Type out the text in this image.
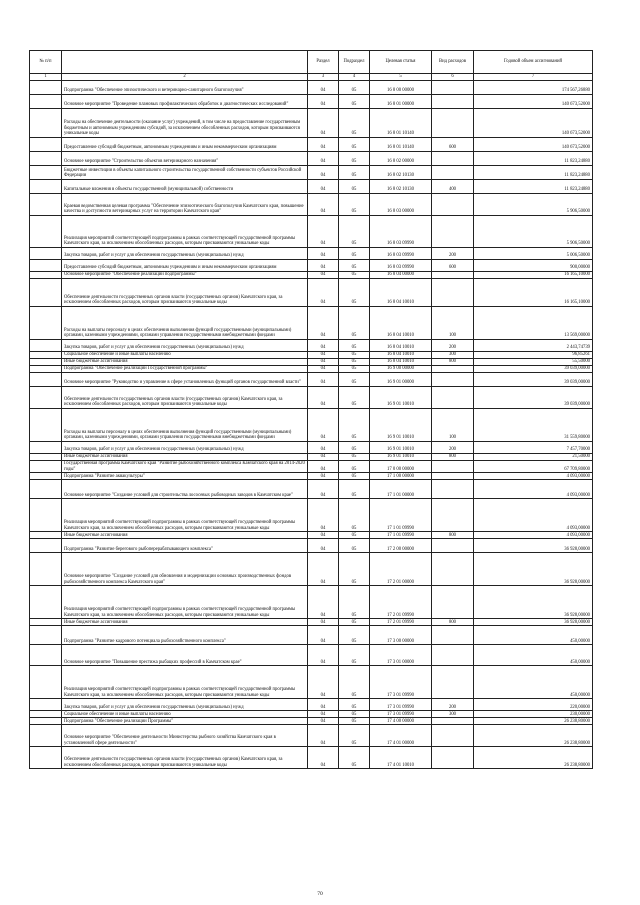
№ п/п		Раздел	Подраздел	Целевая статья	Вид расходов	Годовой объем ассигнований
1	2	3	4	5	6	7
	Подпрограмма "Обеспечение эпизоотического и ветеринарно-санитарного благополучия"	04	05	16 8 00 00000		174 567,26880
	Основное мероприятие "Проведение плановых профилактических обработок и диагностических исследований"	04	05	16 8 01 00000		140 673,52000
	Расходы на обеспечение деятельности (оказание услуг) учреждений, в том числе на предоставление государственным бюджетным и автономным учреждениям субсидий, за исключением обособленных расходов, которым присваиваются уникальные коды	04	05	16 8 01 10140		140 673,52000
	Предоставление субсидий бюджетным, автономным учреждениям и иным некоммерческим организациям	04	05	16 8 01 10140	600	140 673,52000
	Основное мероприятие "Строительство объектов ветеринарного назначения"	04	05	16 8 02 00000		11 823,24880
	Бюджетные инвестиции в объекты капитального строительства государственной собственности субъектов Российской Федерации	04	05	16 8 02 10130		11 823,24880
	Капитальные вложения в объекты государственной (муниципальной) собственности	04	05	16 8 02 10130	400	11 823,24880
	Краевая ведомственная целевая программа "Обеспечение эпизоотического благополучия Камчатского края, повышение качества и доступности ветеринарных услуг на территории Камчатского края"	04	05	16 8 03 00000		5 906,50000
	Реализация мероприятий соответствующей подпрограммы в рамках соответствующей государственной программы Камчатского края, за исключением обособленных расходов, которым присваиваются уникальные коды	04	05	16 8 03 09990		5 906,50000
	Закупка товаров, работ и услуг для обеспечения государственных (муниципальных) нужд	04	05	16 8 03 09990	200	5 006,50000
	Предоставление субсидий бюджетным, автономным учреждениям и иным некоммерческим организациям	04	05	16 8 03 09990	600	900,00000
	Основное мероприятие "Обеспечение реализации подпрограммы"	04	05	16 8 04 00000		16 165,10000
	Обеспечение деятельности государственных органов власти (государственных органов) Камчатского края, за исключением обособленных расходов, которым присваиваются уникальные коды	04	05	16 8 04 10010		16 165,10000
	Расходы на выплаты персоналу в целях обеспечения выполнения функций государственными (муниципальными) органами, казенными учреждениями, органами управления государственными внебюджетными фондами	04	05	16 8 04 10010	100	13 569,00000
	Закупка товаров, работ и услуг для обеспечения государственных (муниципальных) нужд	04	05	16 8 04 10010	200	2 443,74739
	Социальное обеспечение и иные выплаты населению	04	05	16 8 04 10010	300	96,85261
	Иные бюджетные ассигнования	04	05	16 8 04 10010	800	55,50000
	Подпрограмма "Обеспечение реализации Государственной программы"	04	05	16 9 00 00000		39 039,00000
	Основное мероприятие "Руководство и управление в сфере установленных функций органов государственной власти"	04	05	16 9 01 00000		39 039,00000
	Обеспечение деятельности государственных органов власти (государственных органов) Камчатского края, за исключением обособленных расходов, которым присваиваются уникальные коды	04	05	16 9 01 10010		39 039,00000
	Расходы на выплаты персоналу в целях обеспечения выполнения функций государственными (муниципальными) органами, казенными учреждениями, органами управления государственными внебюджетными фондами	04	05	16 9 01 10010	100	31 559,80000
	Закупка товаров, работ и услуг для обеспечения государственных (муниципальных) нужд	04	05	16 9 01 10010	200	7 457,70000
	Иные бюджетные ассигнования	04	05	16 9 01 10010	800	21,50000
	Государственная программа Камчатского края "Развитие рыбохозяйственного комплекса Камчатского края на 2014-2020 годы"	04	05	17 0 00 00000		67 709,80000
	Подпрограмма "Развитие аквакультуры"	04	05	17 1 00 00000		4 093,00000
	Основное мероприятие "Создание условий для строительства лососевых рыбоводных заводов в Камчатском крае"	04	05	17 1 01 00000		4 093,00000
	Реализация мероприятий соответствующей подпрограммы в рамках соответствующей государственной программы Камчатского края, за исключением обособленных расходов, которым присваиваются уникальные коды	04	05	17 1 01 09990		4 093,00000
	Иные бюджетные ассигнования	04	05	17 1 01 09990	800	4 093,00000
	Подпрограмма "Развитие берегового рыбоперерабатывающего комплекса"	04	05	17 2 00 00000		36 928,00000
	Основное мероприятие "Создание условий для обновления и модернизации основных производственных фондов рыбохозяйственного комплекса Камчатского края"	04	05	17 2 01 00000		36 928,00000
	Реализация мероприятий соответствующей подпрограммы в рамках соответствующей государственной программы Камчатского края, за исключением обособленных расходов, которым присваиваются уникальные коды	04	05	17 2 01 09990		36 928,00000
	Иные бюджетные ассигнования	04	05	17 2 01 09990	800	36 928,00000
	Подпрограмма "Развитие кадрового потенциала рыбохозяйственного комплекса"	04	05	17 3 00 00000		450,00000
	Основное мероприятие "Повышение престижа рыбацких профессий в Камчатском крае"	04	05	17 3 01 00000		450,00000
	Реализация мероприятий соответствующей подпрограммы в рамках соответствующей государственной программы Камчатского края, за исключением обособленных расходов, которым присваиваются уникальные коды	04	05	17 3 01 09990		450,00000
	Закупка товаров, работ и услуг для обеспечения государственных (муниципальных) нужд	04	05	17 3 01 09990	200	220,00000
	Социальное обеспечение и иные выплаты населению	04	05	17 3 01 09990	300	230,00000
	Подпрограмма "Обеспечение реализации Программы"	04	05	17 4 00 00000		26 238,80000
	Основное мероприятие "Обеспечение деятельности Министерства рыбного хозяйства Камчатского края в установленной сфере деятельности"	04	05	17 4 01 00000		26 238,80000
	Обеспечение деятельности государственных органов власти (государственных органов) Камчатского края, за исключением обособленных расходов, которым присваиваются уникальные коды	04	05	17 4 01 10010		26 238,80000
70
